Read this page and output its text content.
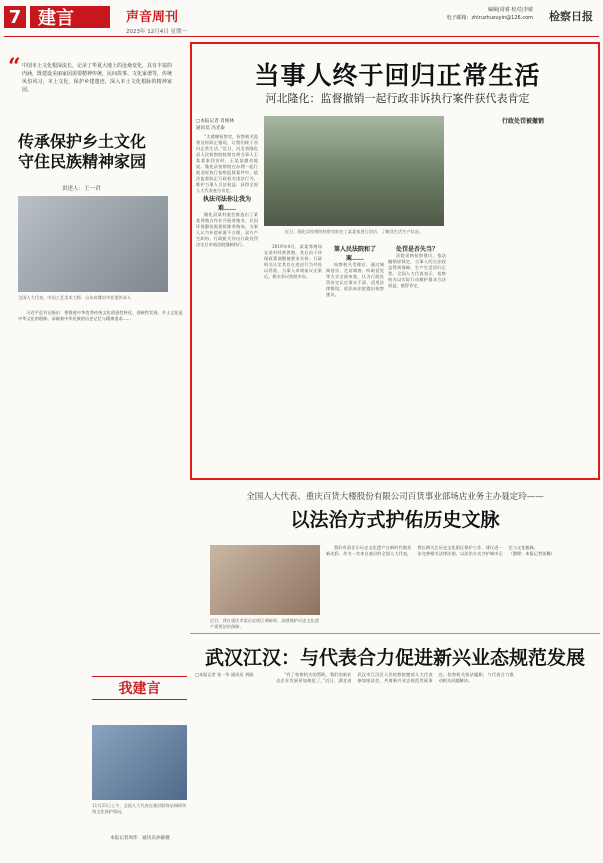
7 建言	声音周刊
2023年 12月4日 星期一
编辑|周睿 校对|李敏
电子邮箱：zhiruzhuzuyin@126.com 检察日报
“ 中国本土文化根深流长，记录了华夏大地上的沧桑变化，具有丰富的内涵，既建设美丽家园需要精神传统，民间故事、文化家谱等，传统风俗风习，本土文化，保护乡建遗迹，深入本土文化根脉的精神家园。
传承保护乡土文化
守住民族精神家园
讲述人：王一君
全国人大代表、中国工艺美术大师、山东省潍坊市非遗传承人

习近平总书记指出：要推进中华优秀传统文化创造性转化、创新性发展。乡土文化是中华文化的根脉，承载着中华民族的历史记忆与精神追求……

我建言
11月23日上午，全国人大代表在基层联络站调研传统文化保护情况。
当事人终于回归正常生活
河北隆化：监督撤销一起行政非诉执行案件获代表肯定
□本报记者 肖俊林
通讯员 冯光泰

“太感谢检察官，检察机关监督及时纠正错误，让我们终于回归正常生活。”近日，河北省隆化县人民检察院检察官到当事人王某某家回访时，王某某激动地说。隆化县检察院在办理一起行政非诉执行检察监督案件中，依法监督纠正行政机关违法行为，维护当事人合法权益，获得全国人大代表充分肯定。

执法司法你让我为难……

隆化县某村委会推选出了某某养殖合作社开展养殖业，后因环保整治需要拆除养殖场，当事人认为补偿标准不合理，双方产生纠纷。行政机关作出行政处罚决定后申请法院强制执行。

近日，隆化县检察院检察官前往了某某家进行回访，了解其生活生产状况。

2019年4月，某某养殖场在某村经营养殖，其后由于环保政策调整被要求关停。行政机关认定其存在违法行为并处以罚款，当事人申请复议无果后，相关争议持续多年。

第人民法院和了案……

检察机关受理后，通过调阅卷宗、走访调查、听取意见等方式全面审查，认为行政处罚决定认定事实不清、适用法律错误，依法向法院提出检察建议。

处罚是否失当？

法院采纳检察建议，依法撤销原裁定，当事人的合法权益得到保障，生产生活回归正常。全国人大代表表示，检察机关以实际行动维护群众合法权益，值得肯定。

行政处罚被撤销
全国人大代表、重庆百货大楼股份有限公司百货事业部场店业务主办聂定玲——
以法治方式护佑历史文脉
近日，我在重庆市某历史街区调研时，深感保护历史文化遗产需要法治保障。

我们有责任让历史文化遗产在新时代焕发新光彩。作为一名来自基层的全国人大代表，我长期关注历史文化街区保护工作，建议进一步完善相关法律法规，以法治方式守护城市记忆与文化根脉。

（整理：本报记者张璐）
武汉江汉：与代表合力促进新兴业态规范发展
□本报记者 张一华 通讯员 刘娟	“有了检察机关的帮助，我们的新业态企业发展更加规范了。”近日，湖北省武汉市江汉区人民检察院邀请人大代表参加座谈会，共商新兴业态规范发展事宜。检察机关依法履职，与代表合力推动相关问题解决。

本报记者周伟　通讯员孙静摄
